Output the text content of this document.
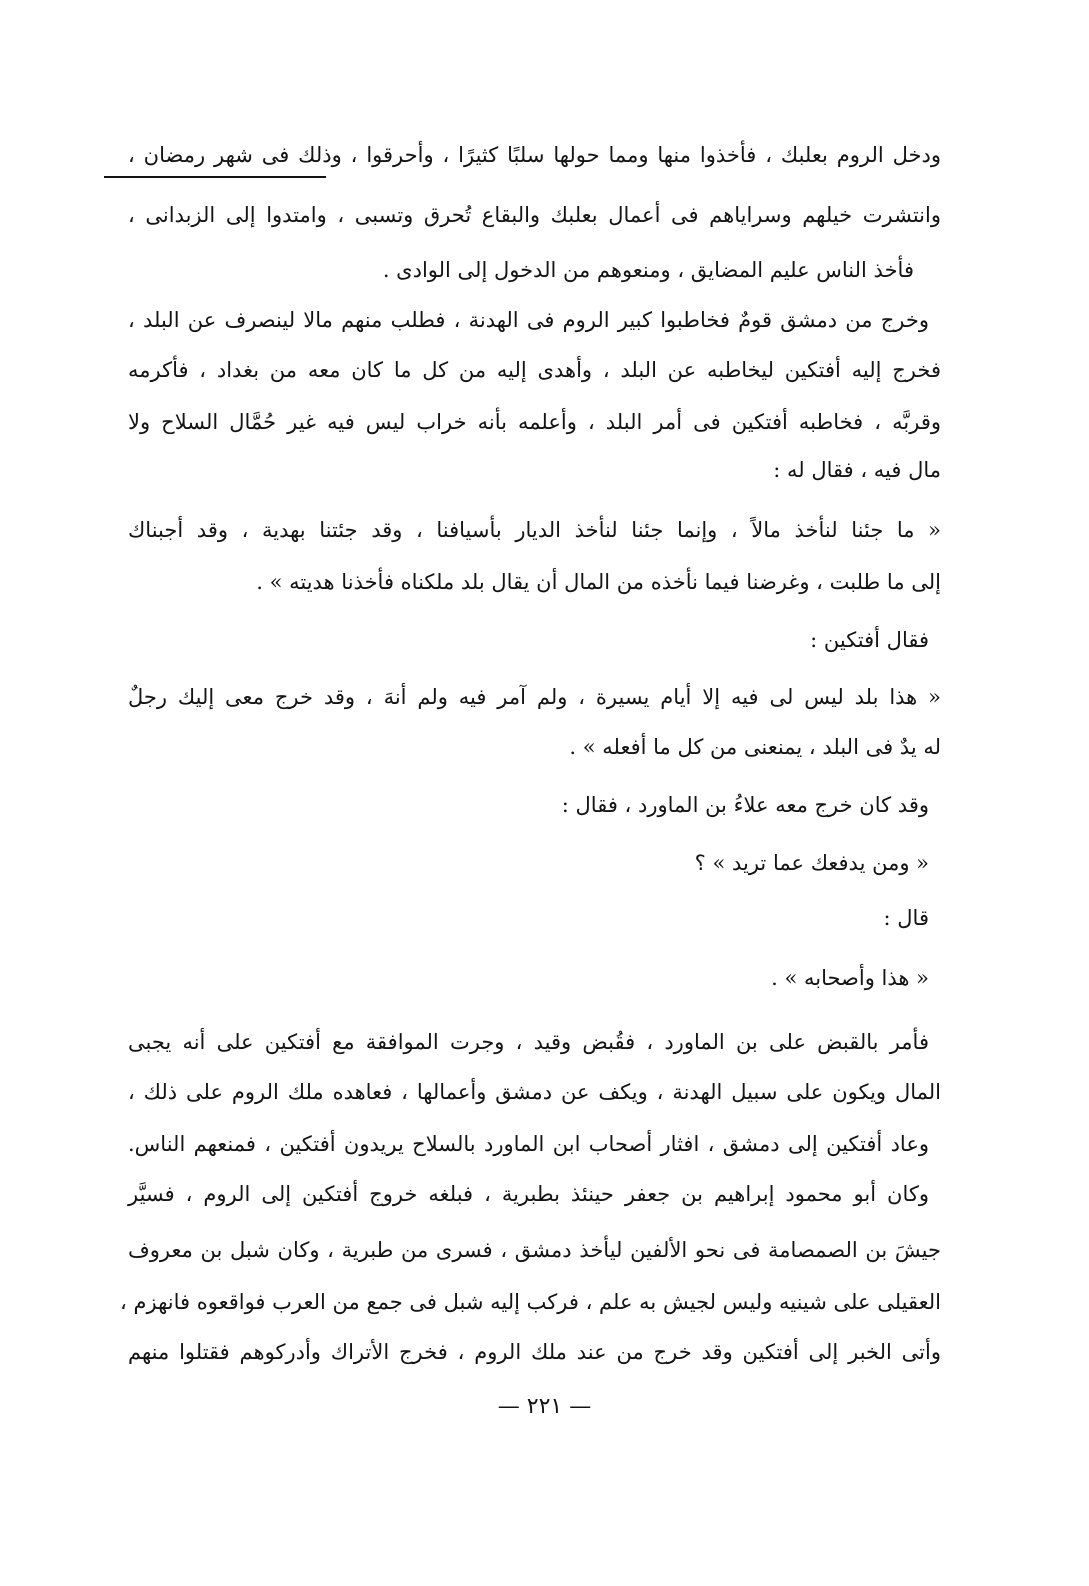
ودخل الروم بعلبك ، فأخذوا منها ومما حولها سلبًا كثيرًا ، وأحرقوا ، وذلك فى شهر رمضان ،
وانتشرت خيلهم وسراياهم فى أعمال بعلبك والبقاع تُحرق وتسبى ، وامتدوا إلى الزبدانى ،
فأخذ الناس عليم المضايق ، ومنعوهم من الدخول إلى الوادى .
وخرج من دمشق قومٌ فخاطبوا كبير الروم فى الهدنة ، فطلب منهم مالا لينصرف عن البلد ،
فخرج إليه أفتكين ليخاطبه عن البلد ، وأهدى إليه من كل ما كان معه من بغداد ، فأكرمه
وقربَّه ، فخاطبه أفتكين فى أمر البلد ، وأعلمه بأنه خراب ليس فيه غير حُمَّال السلاح ولا
مال فيه ، فقال له :
« ما جئنا لنأخذ مالاً ، وإنما جئنا لنأخذ الديار بأسيافنا ، وقد جئتنا بهدية ، وقد أجبناك
إلى ما طلبت ، وغرضنا فيما نأخذه من المال أن يقال بلد ملكناه فأخذنا هديته » .
فقال أفتكين :
« هذا بلد ليس لى فيه إلا أيام يسيرة ، ولم آمر فيه ولم أنهَ ، وقد خرج معى إليك رجلٌ
له يدٌ فى البلد ، يمنعنى من كل ما أفعله » .
وقد كان خرج معه علاءُ بن الماورد ، فقال :
« ومن يدفعك عما تريد » ؟
قال :
« هذا وأصحابه » .
فأمر بالقبض على بن الماورد ، فقُبض وقيد ، وجرت الموافقة مع أفتكين على أنه يجبى
المال ويكون على سبيل الهدنة ، ويكف عن دمشق وأعمالها ، فعاهده ملك الروم على ذلك ،
وعاد أفتكين إلى دمشق ، افثار أصحاب ابن الماورد بالسلاح يريدون أفتكين ، فمنعهم الناس.
وكان أبو محمود إبراهيم بن جعفر حينئذ بطبرية ، فبلغه خروج أفتكين إلى الروم ، فسيَّر
جيشَ بن الصمصامة فى نحو الألفين ليأخذ دمشق ، فسرى من طبرية ، وكان شبل بن معروف
العقيلى على شينيه وليس لجيش به علم ، فركب إليه شبل فى جمع من العرب فواقعوه فانهزم ،
وأتى الخبر إلى أفتكين وقد خرج من عند ملك الروم ، فخرج الأتراك وأدركوهم فقتلوا منهم
— ٢٢١ —
